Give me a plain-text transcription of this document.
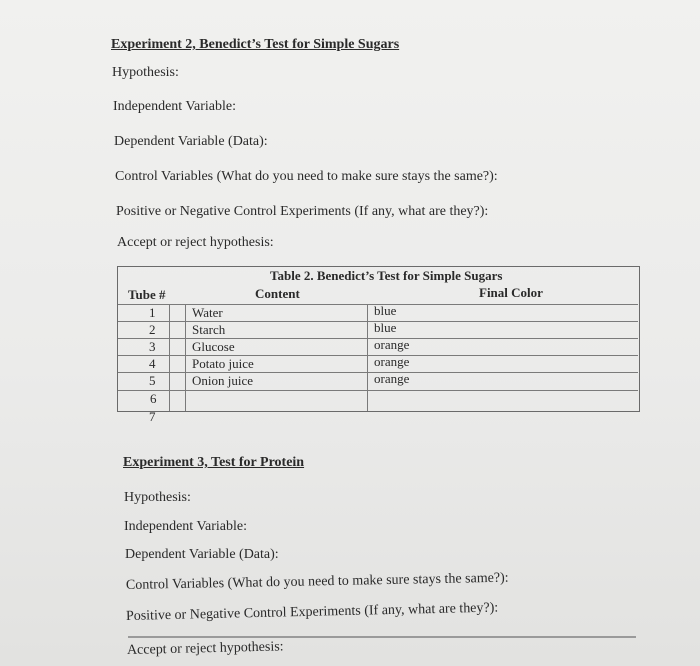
Experiment 2, Benedict’s Test for Simple Sugars
Hypothesis:
Independent Variable:
Dependent Variable (Data):
Control Variables (What do you need to make sure stays the same?):
Positive or Negative Control Experiments (If any, what are they?):
Accept or reject hypothesis:
Table 2. Benedict’s Test for Simple Sugars
Tube #	Content	Final Color
1	Water	blue
2	Starch	blue
3	Glucose	orange
4	Potato juice	orange
5	Onion juice	orange
6
7
Experiment 3, Test for Protein
Hypothesis:
Independent Variable:
Dependent Variable (Data):
Control Variables (What do you need to make sure stays the same?):
Positive or Negative Control Experiments (If any, what are they?):
Accept or reject hypothesis:
